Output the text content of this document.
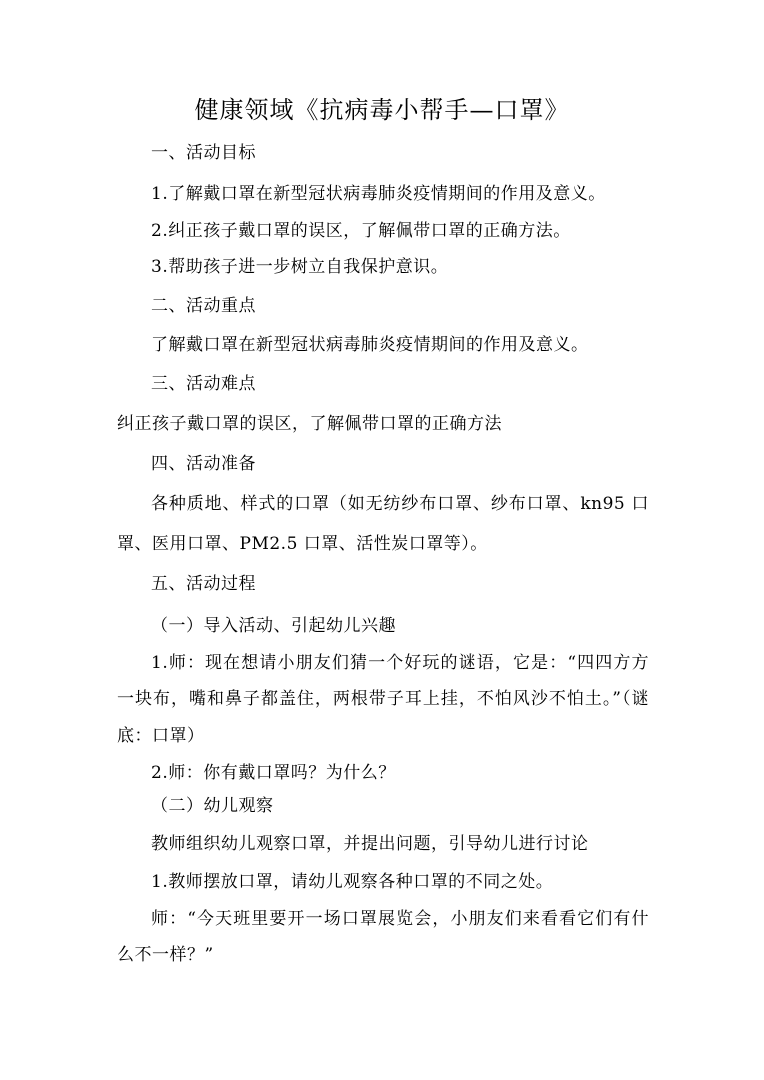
健康领域《抗病毒小帮手—口罩》
一、活动目标
1.了解戴口罩在新型冠状病毒肺炎疫情期间的作用及意义。
2.纠正孩子戴口罩的误区，了解佩带口罩的正确方法。
3.帮助孩子进一步树立自我保护意识。
二、活动重点
了解戴口罩在新型冠状病毒肺炎疫情期间的作用及意义。
三、活动难点
纠正孩子戴口罩的误区，了解佩带口罩的正确方法
四、活动准备
各种质地、样式的口罩（如无纺纱布口罩、纱布口罩、kn95 口
罩、医用口罩、PM2.5 口罩、活性炭口罩等）。
五、活动过程
（一）导入活动、引起幼儿兴趣
1.师：现在想请小朋友们猜一个好玩的谜语，它是：“四四方方
一块布，嘴和鼻子都盖住，两根带子耳上挂，不怕风沙不怕土。”（谜
底：口罩）
2.师：你有戴口罩吗？为什么？
（二）幼儿观察
教师组织幼儿观察口罩，并提出问题，引导幼儿进行讨论
1.教师摆放口罩，请幼儿观察各种口罩的不同之处。
师：“今天班里要开一场口罩展览会，小朋友们来看看它们有什
么不一样？”
